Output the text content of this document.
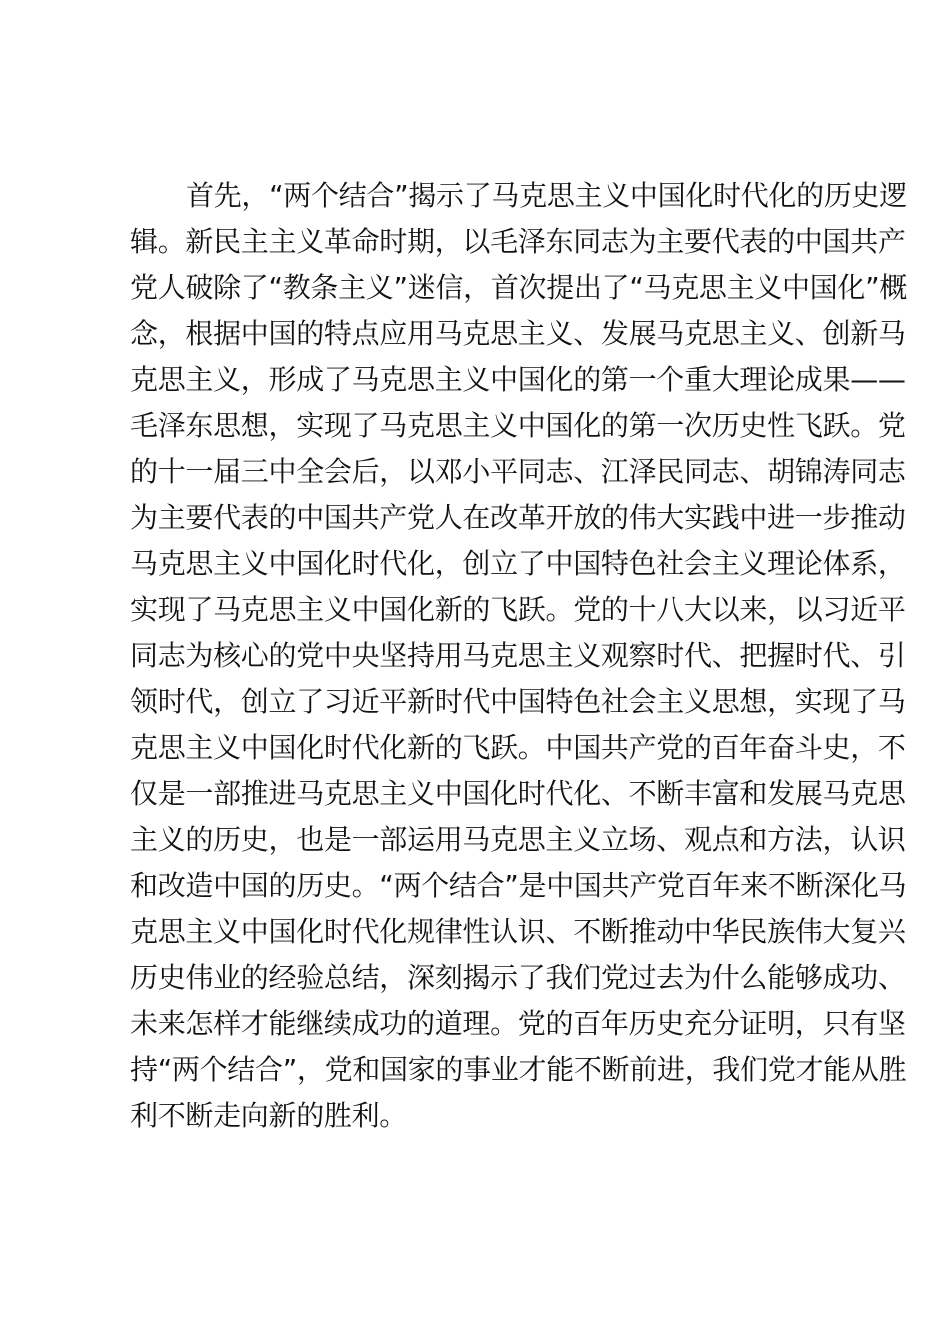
首先，“两个结合”揭示了马克思主义中国化时代化的历史逻
辑。新民主主义革命时期，以毛泽东同志为主要代表的中国共产
党人破除了“教条主义”迷信，首次提出了“马克思主义中国化”概
念，根据中国的特点应用马克思主义、发展马克思主义、创新马
克思主义，形成了马克思主义中国化的第一个重大理论成果——
毛泽东思想，实现了马克思主义中国化的第一次历史性飞跃。党
的十一届三中全会后，以邓小平同志、江泽民同志、胡锦涛同志
为主要代表的中国共产党人在改革开放的伟大实践中进一步推动
马克思主义中国化时代化，创立了中国特色社会主义理论体系，
实现了马克思主义中国化新的飞跃。党的十八大以来，以习近平
同志为核心的党中央坚持用马克思主义观察时代、把握时代、引
领时代，创立了习近平新时代中国特色社会主义思想，实现了马
克思主义中国化时代化新的飞跃。中国共产党的百年奋斗史，不
仅是一部推进马克思主义中国化时代化、不断丰富和发展马克思
主义的历史，也是一部运用马克思主义立场、观点和方法，认识
和改造中国的历史。“两个结合”是中国共产党百年来不断深化马
克思主义中国化时代化规律性认识、不断推动中华民族伟大复兴
历史伟业的经验总结，深刻揭示了我们党过去为什么能够成功、
未来怎样才能继续成功的道理。党的百年历史充分证明，只有坚
持“两个结合”，党和国家的事业才能不断前进，我们党才能从胜
利不断走向新的胜利。
